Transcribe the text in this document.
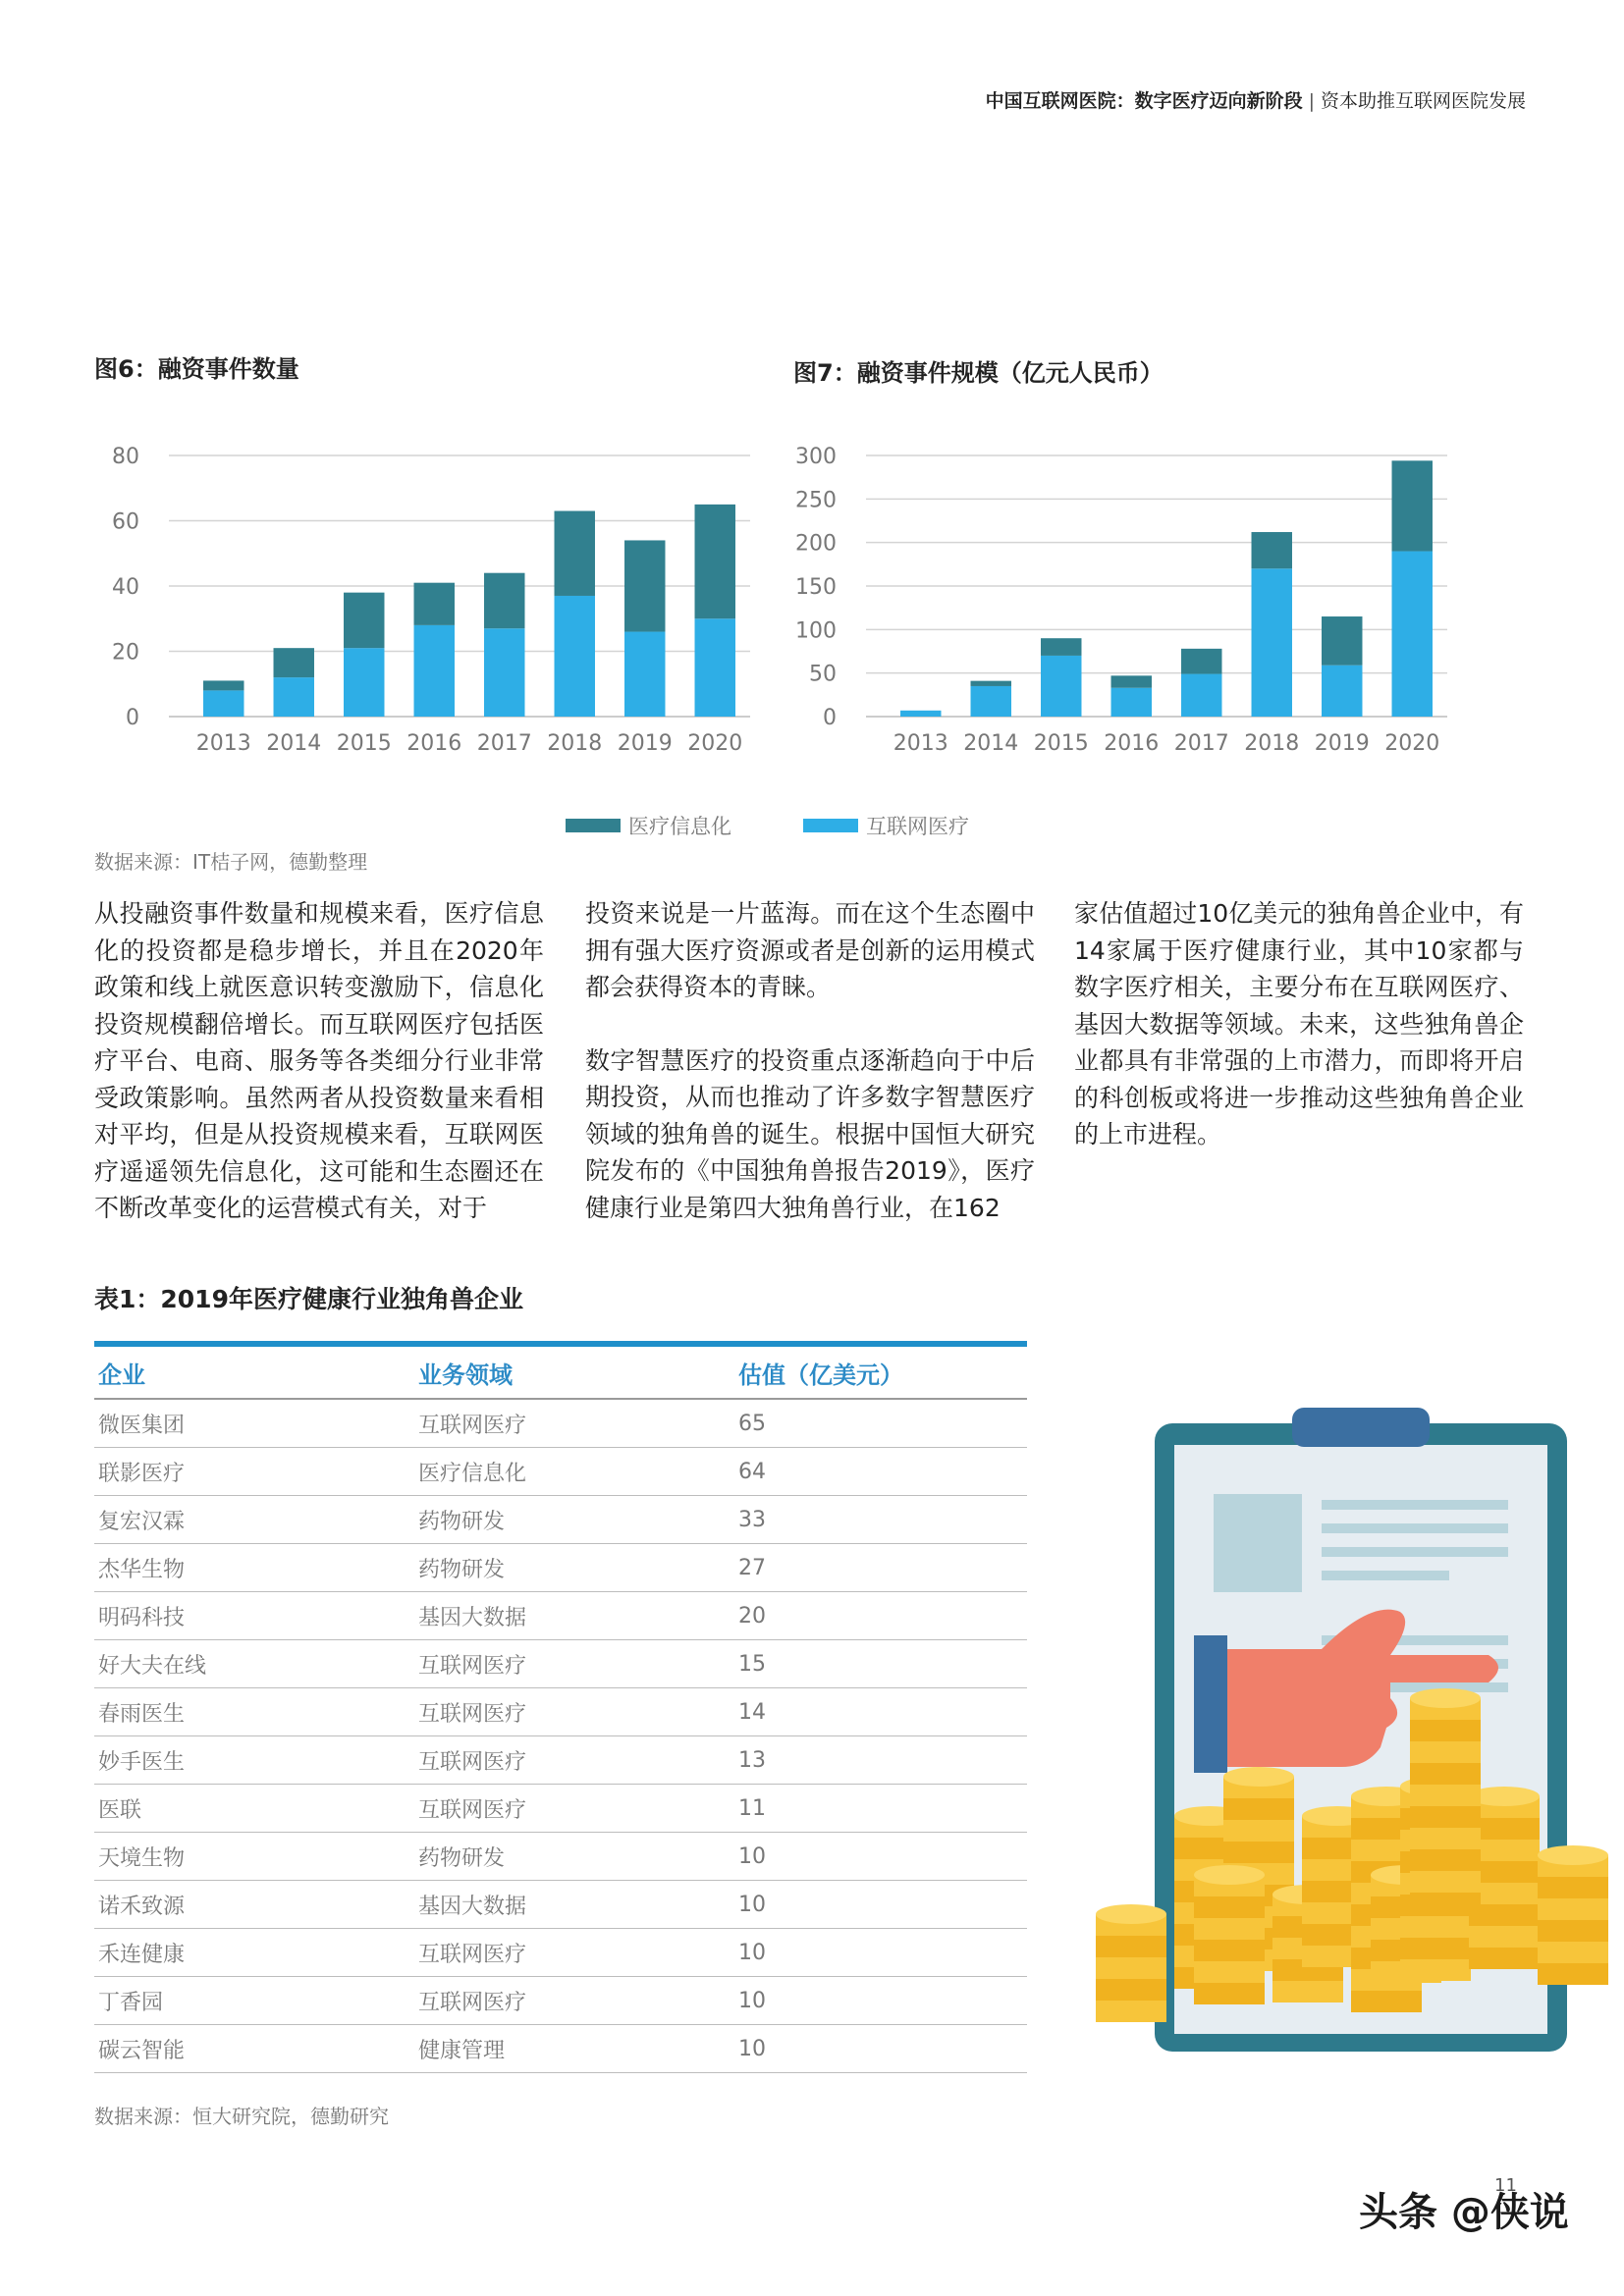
中国互联网医院：数字医疗迈向新阶段 | 资本助推互联网医院发展
图6：融资事件数量	图7：融资事件规模（亿元人民币）
0
20
40
60
80
2013 2014 2015 2016 2017 2018 2019 2020
0
50
100
150
200
250
300
2013 2014 2015 2016 2017 2018 2019 2020
医疗信息化	互联网医疗
数据来源：IT桔子网，德勤整理

从投融资事件数量和规模来看，医疗信息化的投资都是稳步增长，并且在2020年政策和线上就医意识转变激励下，信息化投资规模翻倍增长。而互联网医疗包括医疗平台、电商、服务等各类细分行业非常受政策影响。虽然两者从投资数量来看相对平均，但是从投资规模来看，互联网医疗遥遥领先信息化，这可能和生态圈还在不断改革变化的运营模式有关，对于

投资来说是一片蓝海。而在这个生态圈中拥有强大医疗资源或者是创新的运用模式都会获得资本的青睐。

数字智慧医疗的投资重点逐渐趋向于中后期投资，从而也推动了许多数字智慧医疗领域的独角兽的诞生。根据中国恒大研究院发布的《中国独角兽报告2019》，医疗健康行业是第四大独角兽行业，在162

家估值超过10亿美元的独角兽企业中，有14家属于医疗健康行业，其中10家都与数字医疗相关，主要分布在互联网医疗、基因大数据等领域。未来，这些独角兽企业都具有非常强的上市潜力，而即将开启的科创板或将进一步推动这些独角兽企业的上市进程。

表1：2019年医疗健康行业独角兽企业
企业	业务领域	估值（亿美元）
微医集团	互联网医疗	65
联影医疗	医疗信息化	64
复宏汉霖	药物研发	33
杰华生物	药物研发	27
明码科技	基因大数据	20
好大夫在线	互联网医疗	15
春雨医生	互联网医疗	14
妙手医生	互联网医疗	13
医联	互联网医疗	11
天境生物	药物研发	10
诺禾致源	基因大数据	10
禾连健康	互联网医疗	10
丁香园	互联网医疗	10
碳云智能	健康管理	10
数据来源：恒大研究院，德勤研究
11
头条 @侠说
